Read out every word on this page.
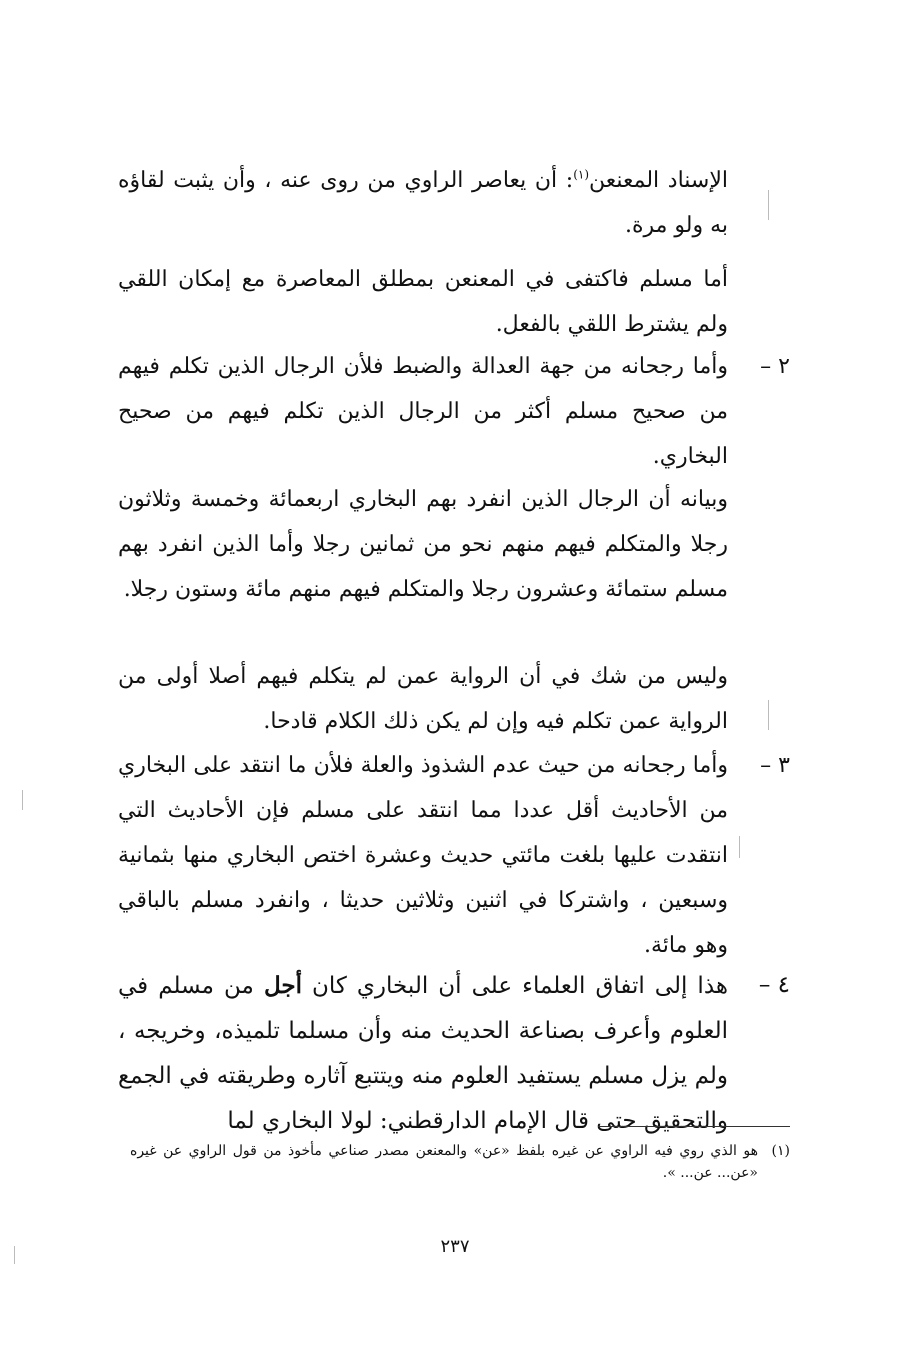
الإسناد المعنعن$^{(١)}$: أن يعاصر الراوي من روى عنه ، وأن يثبت لقاؤه به ولو مرة.
أما مسلم فاكتفى في المعنعن بمطلق المعاصرة مع إمكان اللقي ولم يشترط اللقي بالفعل.
٢ –
وأما رجحانه من جهة العدالة والضبط فلأن الرجال الذين تكلم فيهم من صحيح مسلم أكثر من الرجال الذين تكلم فيهم من صحيح البخاري.
وبيانه أن الرجال الذين انفرد بهم البخاري اربعمائة وخمسة وثلاثون رجلا والمتكلم فيهم منهم نحو من ثمانين رجلا وأما الذين انفرد بهم مسلم ستمائة وعشرون رجلا والمتكلم فيهم منهم مائة وستون رجلا.
وليس من شك في أن الرواية عمن لم يتكلم فيهم أصلا أولى من الرواية عمن تكلم فيه وإن لم يكن ذلك الكلام قادحا.
٣ –
وأما رجحانه من حيث عدم الشذوذ والعلة فلأن ما انتقد على البخاري من الأحاديث أقل عددا مما انتقد على مسلم فإن الأحاديث التي انتقدت عليها بلغت مائتي حديث وعشرة اختص البخاري منها بثمانية وسبعين ، واشتركا في اثنين وثلاثين حديثا ، وانفرد مسلم بالباقي وهو مائة.
٤ –
هذا إلى اتفاق العلماء على أن البخاري كان أجل من مسلم في العلوم وأعرف بصناعة الحديث منه وأن مسلما تلميذه، وخريجه ، ولم يزل مسلم يستفيد العلوم منه ويتتبع آثاره وطريقته في الجمع والتحقيق حتى قال الإمام الدارقطني: لولا البخاري لما
(١)
هو الذي روي فيه الراوي عن غيره بلفظ «عن» والمعنعن مصدر صناعي مأخوذ من قول الراوي عن غيره «عن... عن... ».
٢٣٧
